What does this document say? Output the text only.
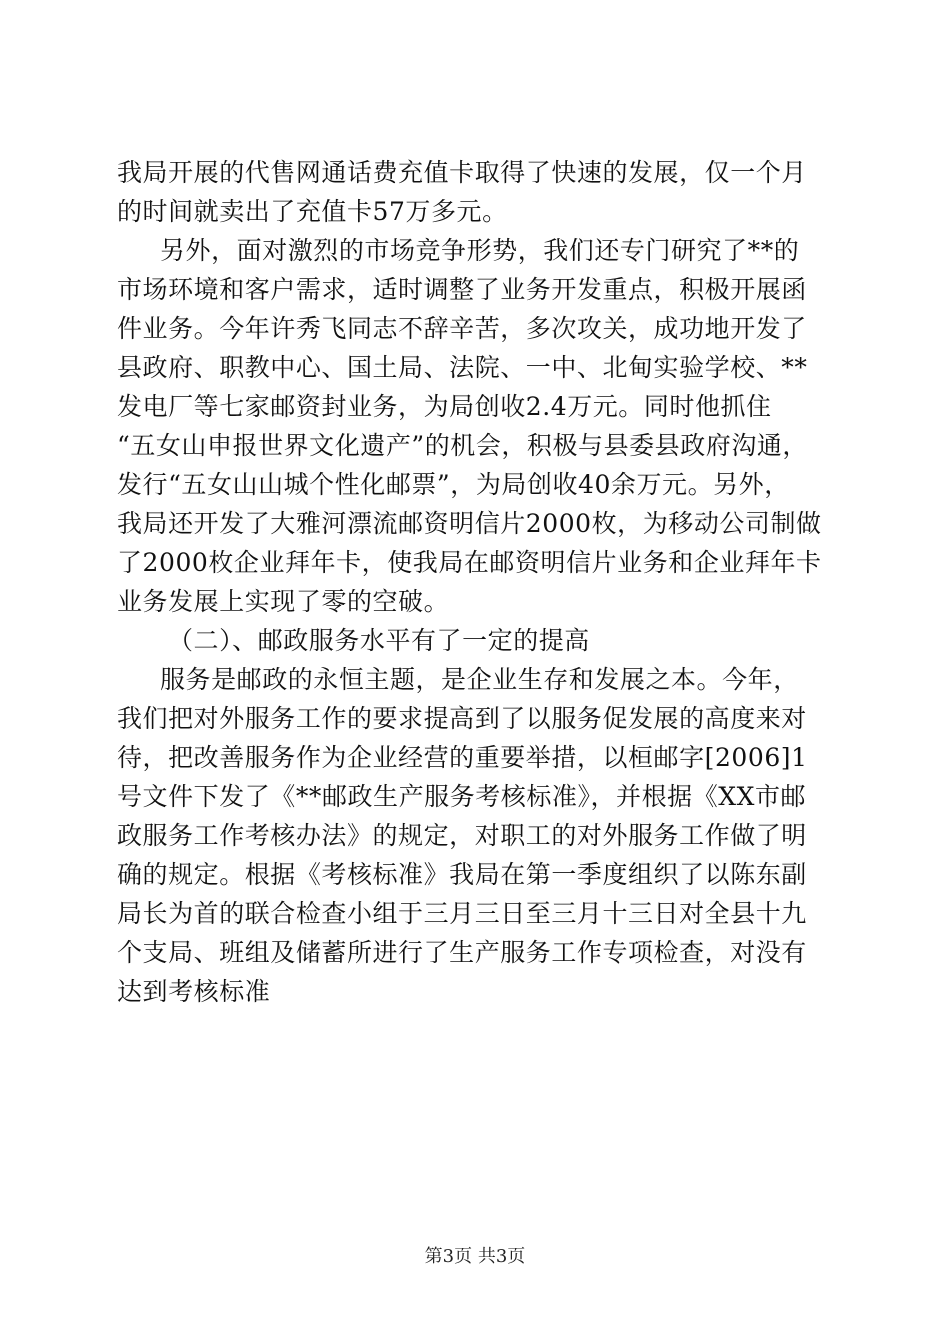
我局开展的代售网通话费充值卡取得了快速的发展，仅一个月
的时间就卖出了充值卡57万多元。
另外，面对激烈的市场竞争形势，我们还专门研究了**的
市场环境和客户需求，适时调整了业务开发重点，积极开展函
件业务。今年许秀飞同志不辞辛苦，多次攻关，成功地开发了
县政府、职教中心、国土局、法院、一中、北甸实验学校、**
发电厂等七家邮资封业务，为局创收2.4万元。同时他抓住
“五女山申报世界文化遗产”的机会，积极与县委县政府沟通，
发行“五女山山城个性化邮票”，为局创收40余万元。另外，
我局还开发了大雅河漂流邮资明信片2000枚，为移动公司制做
了2000枚企业拜年卡，使我局在邮资明信片业务和企业拜年卡
业务发展上实现了零的空破。
（二）、邮政服务水平有了一定的提高
服务是邮政的永恒主题，是企业生存和发展之本。今年，
我们把对外服务工作的要求提高到了以服务促发展的高度来对
待，把改善服务作为企业经营的重要举措，以桓邮字[2006]1
号文件下发了《**邮政生产服务考核标准》，并根据《XX市邮
政服务工作考核办法》的规定，对职工的对外服务工作做了明
确的规定。根据《考核标准》我局在第一季度组织了以陈东副
局长为首的联合检查小组于三月三日至三月十三日对全县十九
个支局、班组及储蓄所进行了生产服务工作专项检查，对没有
达到考核标准
第3页 共3页
